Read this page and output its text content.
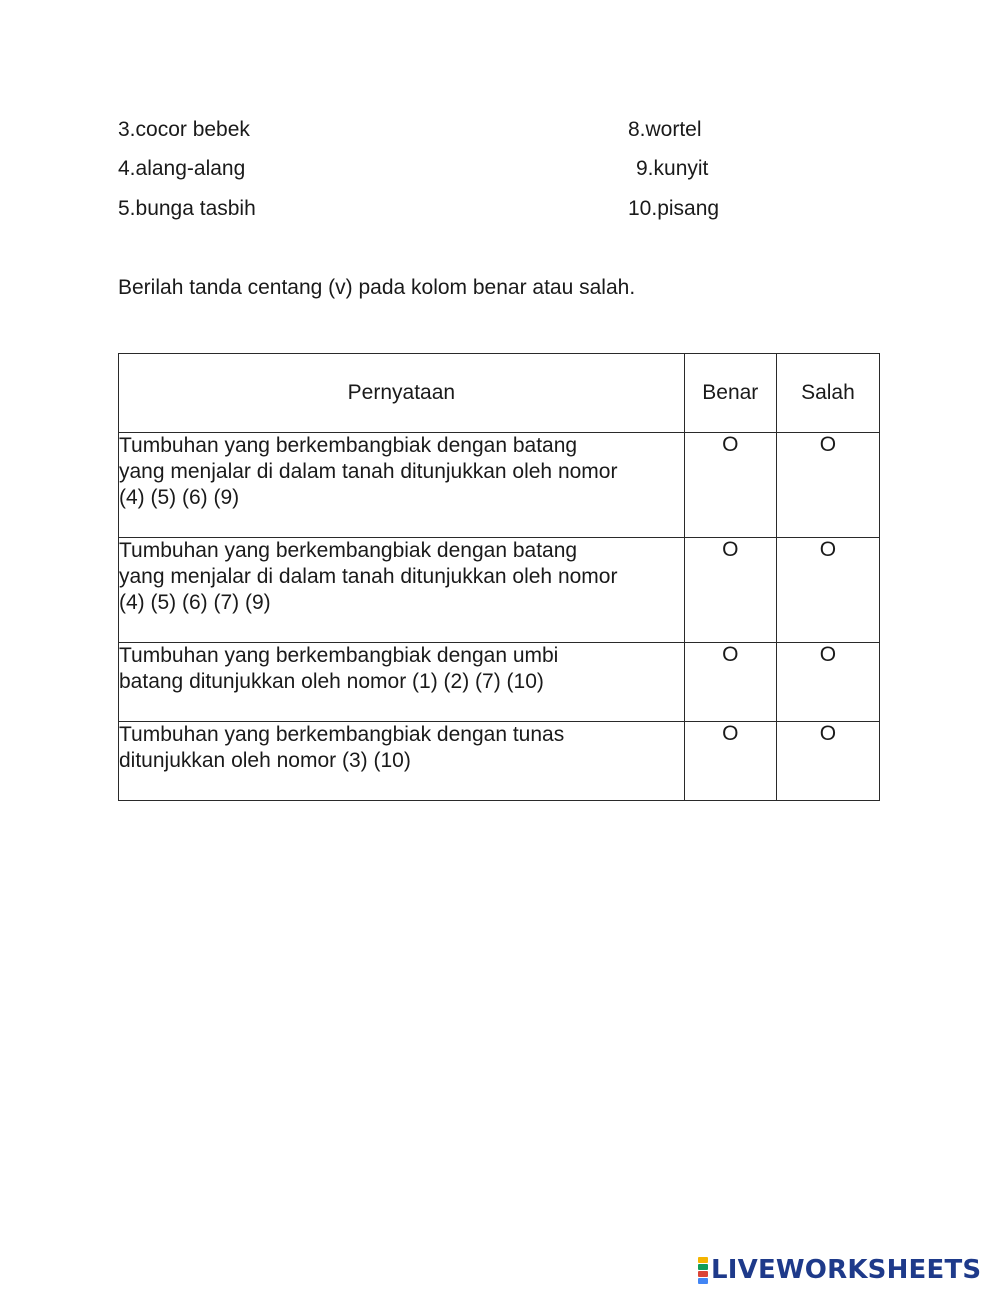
3.cocor bebek
4.alang-alang
5.bunga tasbih
8.wortel
9.kunyit
10.pisang
Berilah tanda centang (v) pada kolom benar atau salah.
Pernyataan	Benar	Salah

Tumbuhan yang berkembangbiak dengan batang
yang menjalar di dalam tanah ditunjukkan oleh nomor
(4) (5) (6) (9)	O	O

Tumbuhan yang berkembangbiak dengan batang
yang menjalar di dalam tanah ditunjukkan oleh nomor
(4) (5) (6) (7) (9)	O	O

Tumbuhan yang berkembangbiak dengan umbi
batang ditunjukkan oleh nomor (1) (2) (7) (10)	O	O

Tumbuhan yang berkembangbiak dengan tunas
ditunjukkan oleh nomor (3) (10)	O	O
LIVEWORKSHEETS
